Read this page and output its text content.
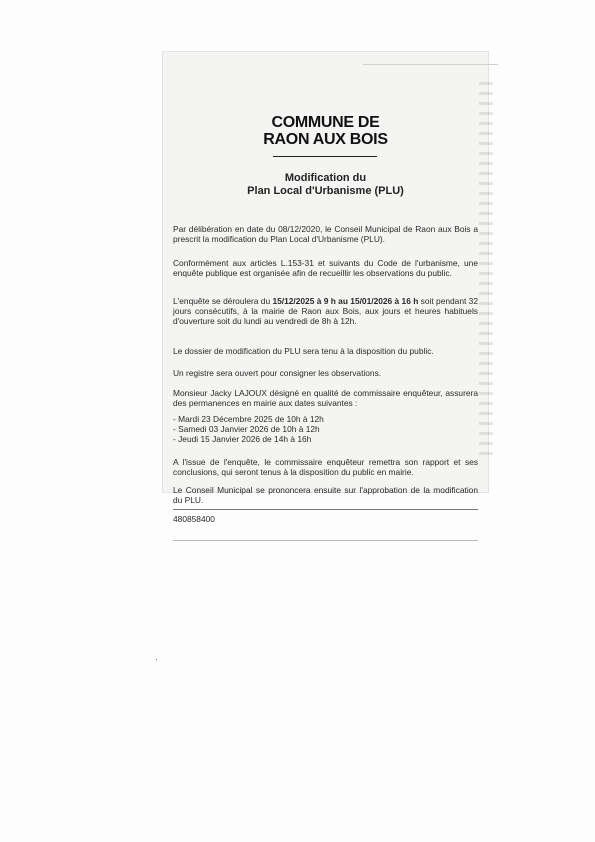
COMMUNE DE
RAON AUX BOIS
Modification du
Plan Local d'Urbanisme (PLU)

Par délibération en date du 08/12/2020, le Conseil Municipal de Raon aux Bois a prescrit la modification du Plan Local d'Urbanisme (PLU).

Conformément aux articles L.153-31 et suivants du Code de l'urbanisme, une enquête publique est organisée afin de recueillir les observations du public.

L'enquête se déroulera du 15/12/2025 à 9 h au 15/01/2026 à 16 h soit pendant 32 jours consécutifs, à la mairie de Raon aux Bois, aux jours et heures habituels d'ouverture soit du lundi au vendredi de 8h à 12h.

Le dossier de modification du PLU sera tenu à la disposition du public.

Un registre sera ouvert pour consigner les observations.

Monsieur Jacky LAJOUX désigné en qualité de commissaire enquêteur, assurera des permanences en mairie aux dates suivantes :

- Mardi 23 Décembre 2025 de 10h à 12h
- Samedi 03 Janvier 2026 de 10h à 12h
- Jeudi 15 Janvier 2026 de 14h à 16h

A l'issue de l'enquête, le commissaire enquêteur remettra son rapport et ses conclusions, qui seront tenus à la disposition du public en mairie.

Le Conseil Municipal se prononcera ensuite sur l'approbation de la modification du PLU.

480858400
